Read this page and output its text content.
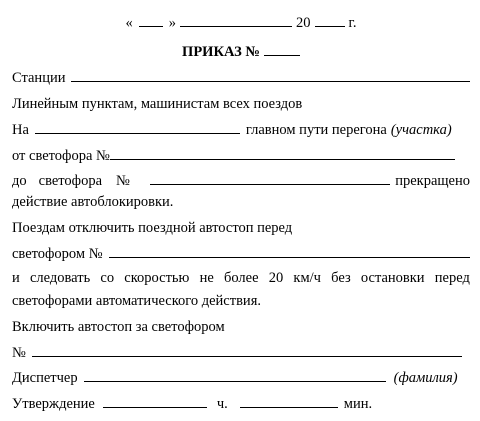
« »	20	г.
ПРИКАЗ №
Станции
Линейным пунктам, машинистам всех поездов
На	главном пути перегона (участка)
от светофора №
до светофора №	прекращено
действие автоблокировки.
Поездам отключить поездной автостоп перед
светофором №
и следовать со скоростью не более 20 км/ч без остановки перед
светофорами автоматического действия.
Включить автостоп за светофором
№
Диспетчер	(фамилия)
Утверждение	ч.	мин.
